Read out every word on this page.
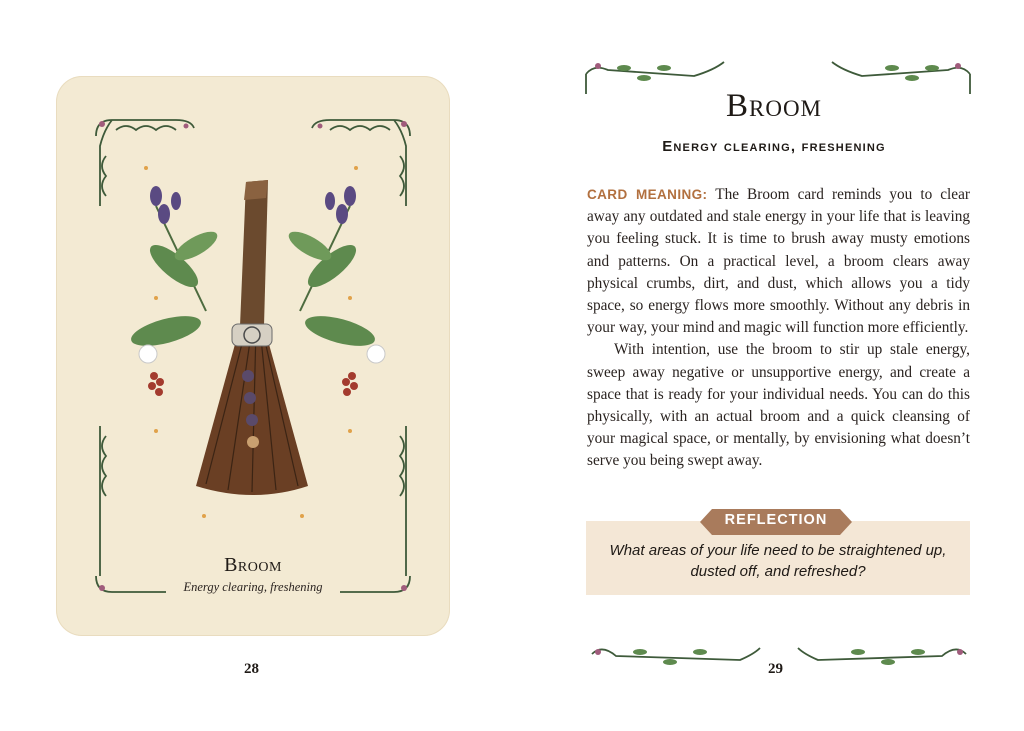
Broom
Energy clearing, freshening
28
Broom
Energy clearing, freshening

CARD MEANING: The Broom card reminds you to clear away any outdated and stale energy in your life that is leaving you feeling stuck. It is time to brush away musty emotions and patterns. On a practical level, a broom clears away physical crumbs, dirt, and dust, which allows you a tidy space, so energy flows more smoothly. Without any debris in your way, your mind and magic will function more efficiently.

With intention, use the broom to stir up stale energy, sweep away negative or unsupportive energy, and create a space that is ready for your individual needs. You can do this physically, with an actual broom and a quick cleansing of your magical space, or mentally, by envisioning what doesn’t serve you being swept away.

REFLECTION
What areas of your life need to be straightened up, dusted off, and refreshed?
29
